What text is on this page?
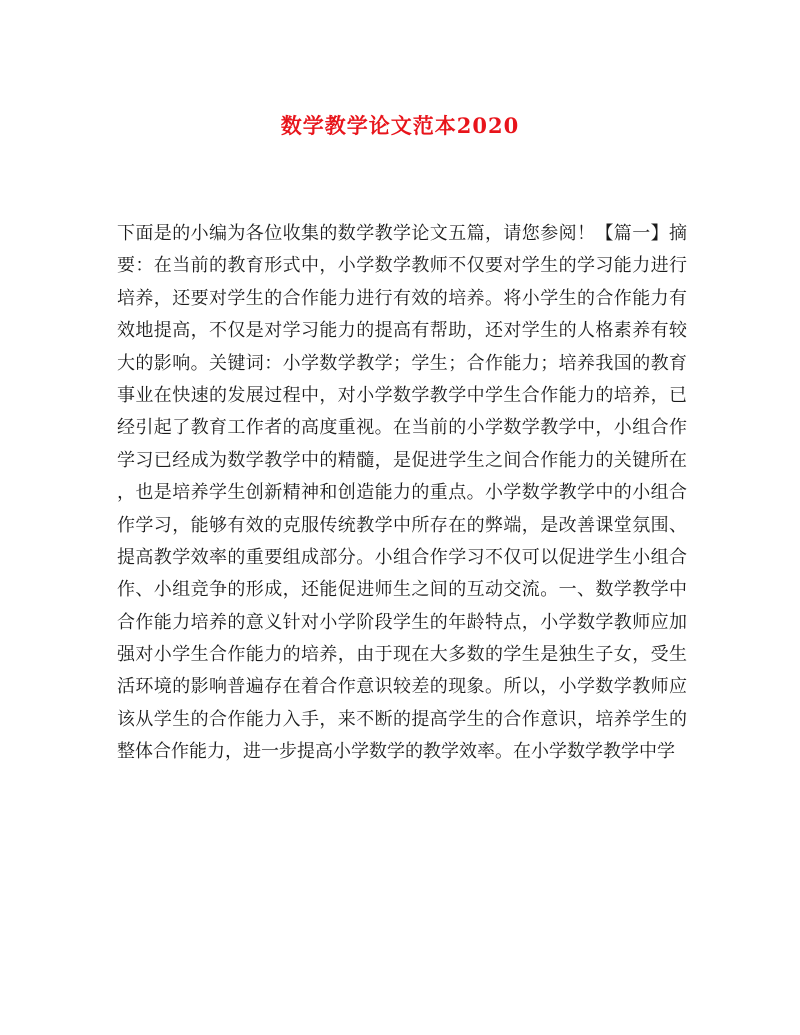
数学教学论文范本2020
下面是的小编为各位收集的数学教学论文五篇，请您参阅！【篇一】摘
要：在当前的教育形式中，小学数学教师不仅要对学生的学习能力进行
培养，还要对学生的合作能力进行有效的培养。将小学生的合作能力有
效地提高，不仅是对学习能力的提高有帮助，还对学生的人格素养有较
大的影响。关键词：小学数学教学；学生；合作能力；培养我国的教育
事业在快速的发展过程中，对小学数学教学中学生合作能力的培养，已
经引起了教育工作者的高度重视。在当前的小学数学教学中，小组合作
学习已经成为数学教学中的精髓，是促进学生之间合作能力的关键所在
，也是培养学生创新精神和创造能力的重点。小学数学教学中的小组合
作学习，能够有效的克服传统教学中所存在的弊端，是改善课堂氛围、
提高教学效率的重要组成部分。小组合作学习不仅可以促进学生小组合
作、小组竞争的形成，还能促进师生之间的互动交流。一、数学教学中
合作能力培养的意义针对小学阶段学生的年龄特点，小学数学教师应加
强对小学生合作能力的培养，由于现在大多数的学生是独生子女，受生
活环境的影响普遍存在着合作意识较差的现象。所以，小学数学教师应
该从学生的合作能力入手，来不断的提高学生的合作意识，培养学生的
整体合作能力，进一步提高小学数学的教学效率。在小学数学教学中学
